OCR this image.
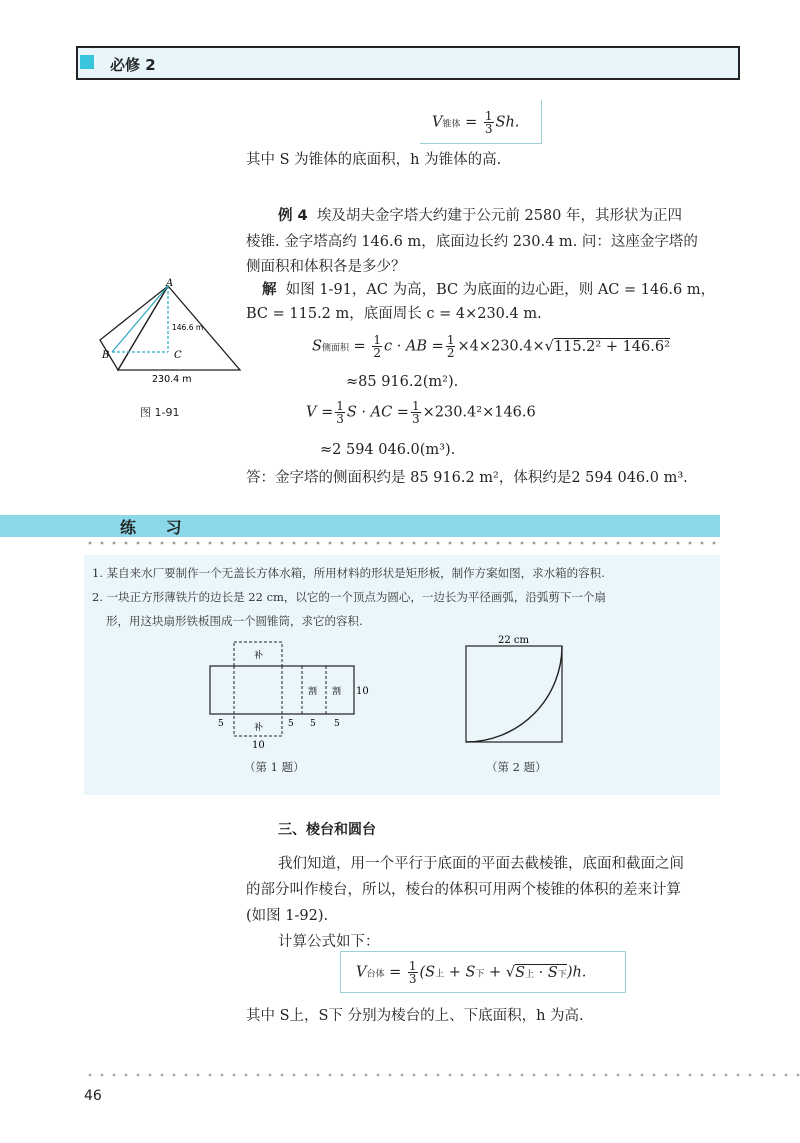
必修 2
V锥体 = $\frac{1}{3} Sh$.
其中 S 为锥体的底面积，h 为锥体的高.
例 4 埃及胡夫金字塔大约建于公元前 2580 年，其形状为正四
棱锥. 金字塔高约 146.6 m，底面边长约 230.4 m. 问：这座金字塔的
侧面积和体积各是多少？
A
B	C
146.6 m
230.4 m
图 1-91
解 如图 1-91，AC 为高，BC 为底面的边心距，则 AC = 146.6 m，
BC = 115.2 m，底面周长 c = 4×230.4 m.
S侧面积 = $\frac{1}{2}$ c · AB = $\frac{1}{2} \times 4\times 230.4\times√115.2^2 + 146.6^2$
≈85 916.2(m²).
$V = \frac{1}{3}$ S · AC = $\frac{1}{3} \times 230.4^2\times 146.6$
≈2 594 046.0(m³).
答：金字塔的侧面积约是 85 916.2 m²，体积约是2 594 046.0 m³.
练 习
1. 某自来水厂要制作一个无盖长方体水箱，所用材料的形状是矩形板，制作方案如图，求水箱的容积.
2. 一块正方形薄铁片的边长是 22 cm，以它的一个顶点为圆心，一边长为平径画弧，沿弧剪下一个扇
形，用这块扇形铁板围成一个圆锥筒，求它的容积.
补
补
割 割 10
5	5 5 5
10
（第 1 题）
22 cm
（第 2 题）
三、棱台和圆台
我们知道，用一个平行于底面的平面去截棱锥，底面和截面之间
的部分叫作棱台，所以，棱台的体积可用两个棱锥的体积的差来计算
(如图 1-92).
计算公式如下：
V台体 = $\frac{1}{3} (S$上 + S下 + √S上 · S下)h.
其中 S上，S下 分别为棱台的上、下底面积，h 为高.
46
